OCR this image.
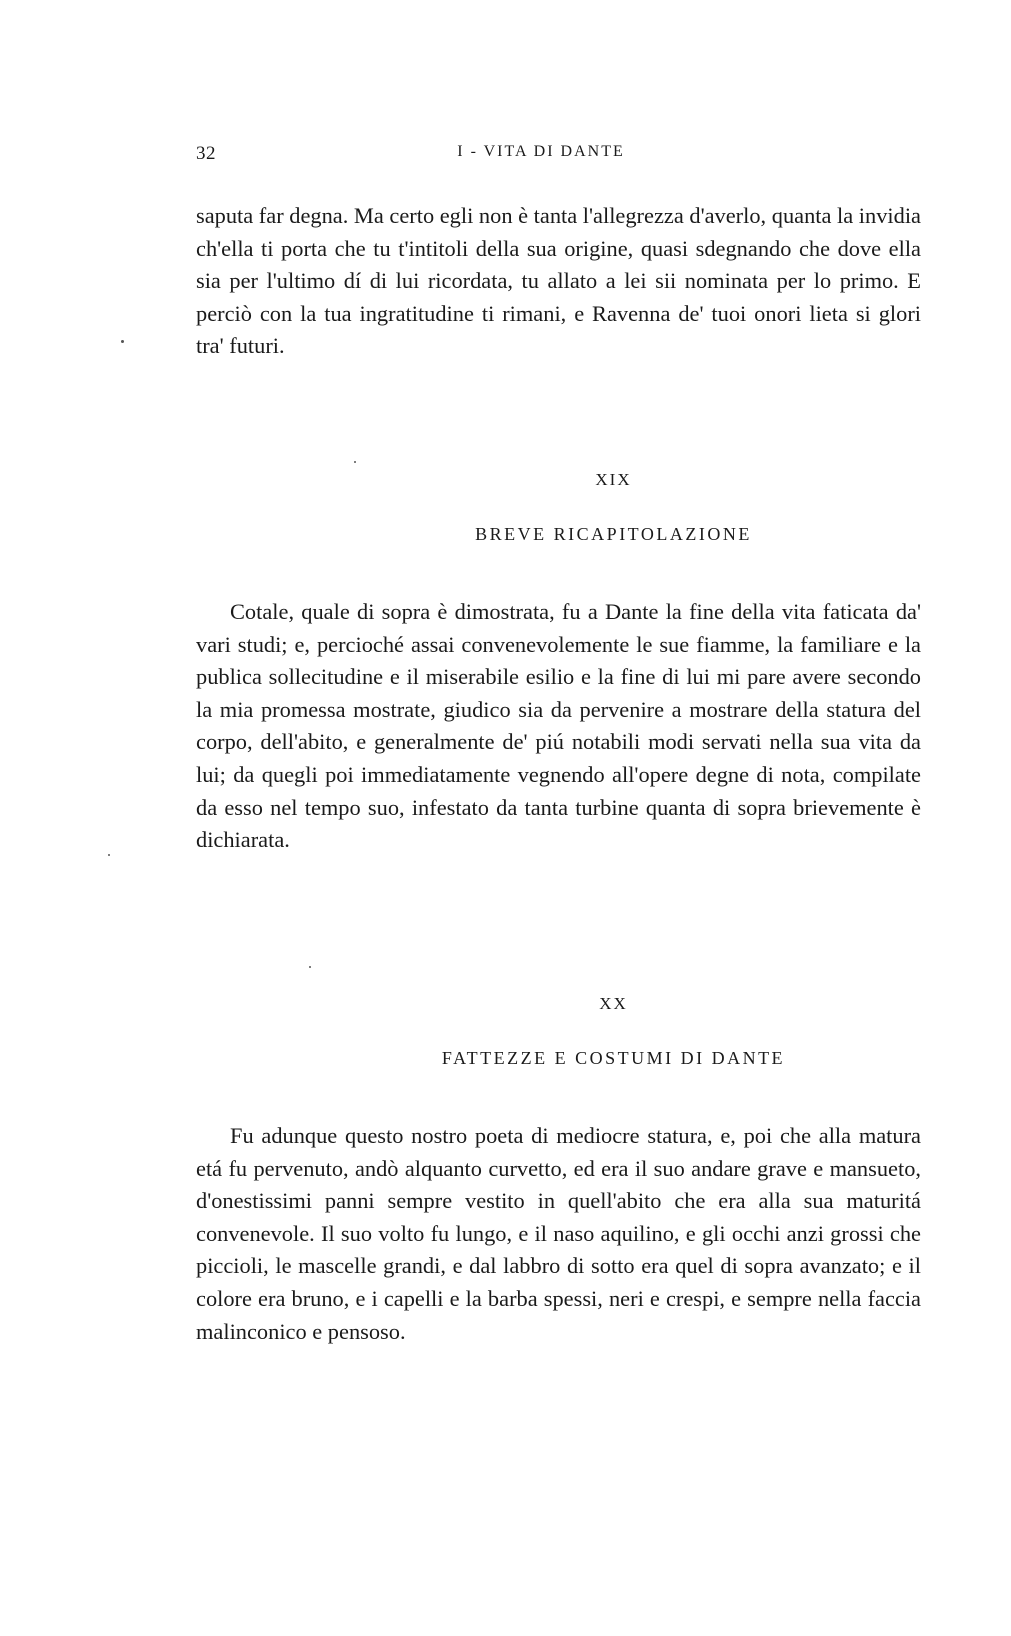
32	I - VITA DI DANTE

saputa far degna. Ma certo egli non è tanta l'allegrezza d'averlo, quanta la invidia ch'ella ti porta che tu t'intitoli della sua origine, quasi sdegnando che dove ella sia per l'ultimo dí di lui ricordata, tu allato a lei sii nominata per lo primo. E perciò con la tua ingratitudine ti rimani, e Ravenna de' tuoi onori lieta si glori tra' futuri.

XIX
BREVE RICAPITOLAZIONE

Cotale, quale di sopra è dimostrata, fu a Dante la fine della vita faticata da' vari studi; e, percioché assai convenevolemente le sue fiamme, la familiare e la publica sollecitudine e il miserabile esilio e la fine di lui mi pare avere secondo la mia promessa mostrate, giudico sia da pervenire a mostrare della statura del corpo, dell'abito, e generalmente de' piú notabili modi servati nella sua vita da lui; da quegli poi immediatamente vegnendo all'opere degne di nota, compilate da esso nel tempo suo, infestato da tanta turbine quanta di sopra brievemente è dichiarata.

XX
FATTEZZE E COSTUMI DI DANTE

Fu adunque questo nostro poeta di mediocre statura, e, poi che alla matura etá fu pervenuto, andò alquanto curvetto, ed era il suo andare grave e mansueto, d'onestissimi panni sempre vestito in quell'abito che era alla sua maturitá convenevole. Il suo volto fu lungo, e il naso aquilino, e gli occhi anzi grossi che piccioli, le mascelle grandi, e dal labbro di sotto era quel di sopra avanzato; e il colore era bruno, e i capelli e la barba spessi, neri e crespi, e sempre nella faccia malinconico e pensoso.
